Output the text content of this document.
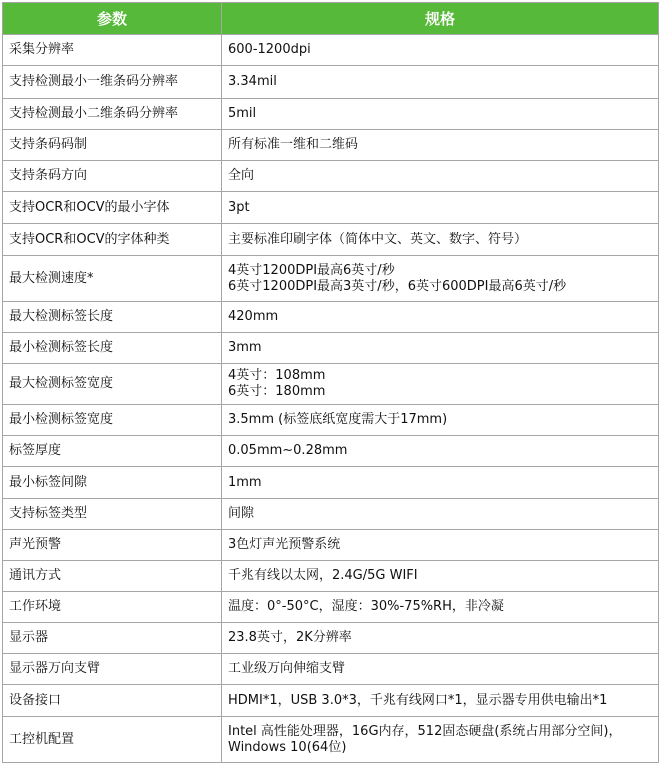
参数	规格
采集分辨率	600-1200dpi

支持检测最小一维条码分辨率	3.34mil

支持检测最小二维条码分辨率	5mil

支持条码码制	所有标准一维和二维码

支持条码方向	全向

支持OCR和OCV的最小字体	3pt

支持OCR和OCV的字体种类	主要标准印刷字体（简体中文、英文、数字、符号）

最大检测速度*	4英寸1200DPI最高6英寸/秒
6英寸1200DPI最高3英寸/秒，6英寸600DPI最高6英寸/秒

最大检测标签长度	420mm

最小检测标签长度	3mm

最大检测标签宽度	4英寸：108mm
6英寸：180mm

最小检测标签宽度	3.5mm (标签底纸宽度需大于17mm)

标签厚度	0.05mm~0.28mm

最小标签间隙	1mm

支持标签类型	间隙

声光预警	3色灯声光预警系统

通讯方式	千兆有线以太网，2.4G/5G WIFI

工作环境	温度：0°-50°C，湿度：30%-75%RH，非冷凝

显示器	23.8英寸，2K分辨率

显示器万向支臂	工业级万向伸缩支臂

设备接口	HDMI*1，USB 3.0*3，千兆有线网口*1，显示器专用供电输出*1

工控机配置	Intel 高性能处理器，16G内存，512固态硬盘(系统占用部分空间)，
Windows 10(64位)
